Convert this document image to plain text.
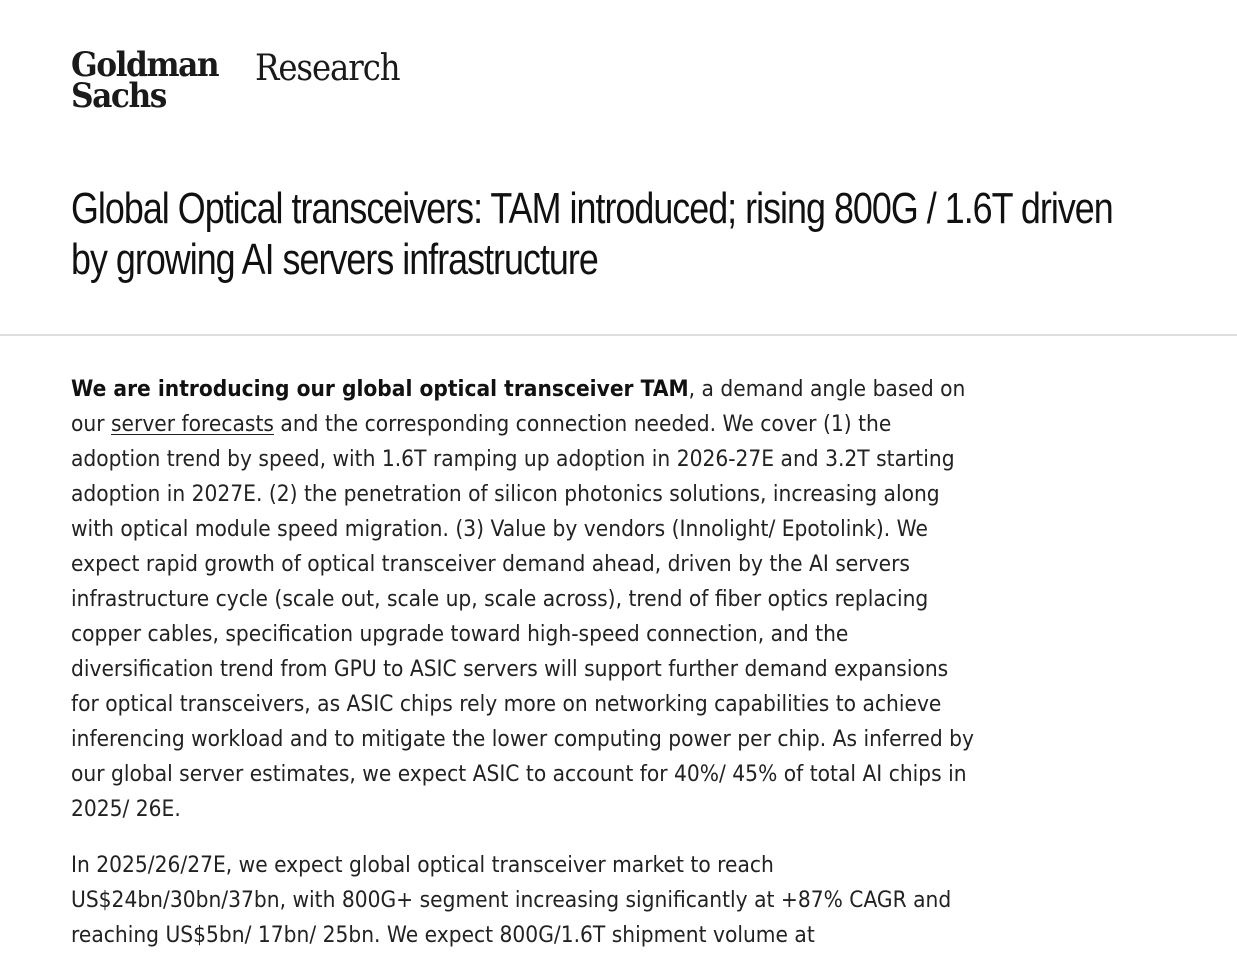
Goldman
Sachs
Research
Global Optical transceivers: TAM introduced; rising 800G / 1.6T driven
by growing AI servers infrastructure

We are introducing our global optical transceiver TAM, a demand angle based on our server forecasts and the corresponding connection needed. We cover (1) the adoption trend by speed, with 1.6T ramping up adoption in 2026-27E and 3.2T starting adoption in 2027E. (2) the penetration of silicon photonics solutions, increasing along with optical module speed migration. (3) Value by vendors (Innolight/ Epotolink). We expect rapid growth of optical transceiver demand ahead, driven by the AI servers infrastructure cycle (scale out, scale up, scale across), trend of fiber optics replacing copper cables, specification upgrade toward high-speed connection, and the diversification trend from GPU to ASIC servers will support further demand expansions for optical transceivers, as ASIC chips rely more on networking capabilities to achieve inferencing workload and to mitigate the lower computing power per chip. As inferred by our global server estimates, we expect ASIC to account for 40%/ 45% of total AI chips in 2025/ 26E.

In 2025/26/27E, we expect global optical transceiver market to reach US$24bn/30bn/37bn, with 800G+ segment increasing significantly at +87% CAGR and reaching US$5bn/ 17bn/ 25bn. We expect 800G/1.6T shipment volume at
